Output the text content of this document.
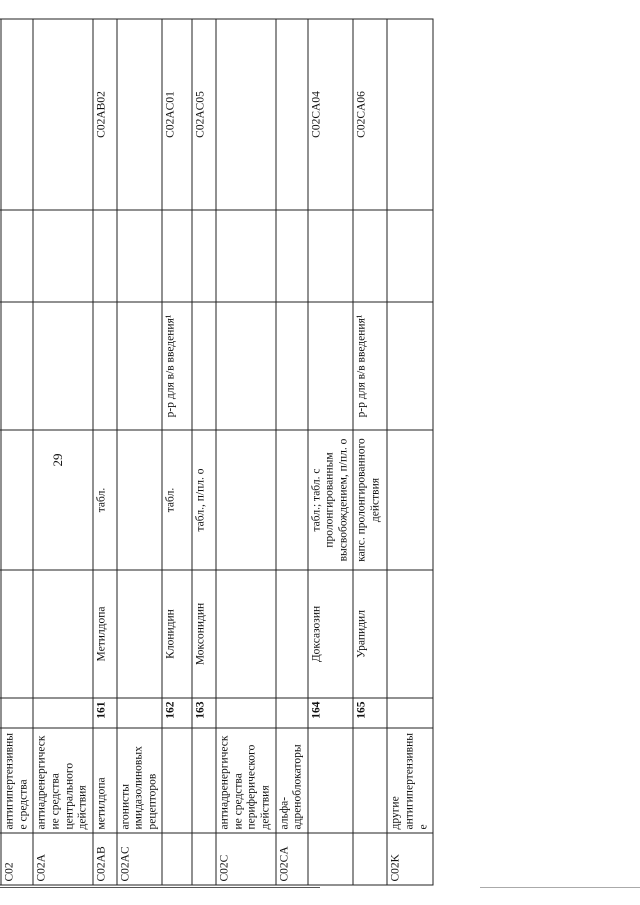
29

C02	антигипертензивные средства						
C02A	антиадренергические средства центрального действия						
C02AB	метилдопа	161	Метилдопа	табл.			C02AB02
C02AC	агонисты имидазолиновых рецепторов						
		162	Клонидин	табл.	р-р для в/в введения¹		C02AC01
		163	Моксонидин	табл., п/пл. о			C02AC05
C02C	антиадренергические средства периферического действия						
C02CA	альфа-адреноблокаторы						
		164	Доксазозин	табл.; табл. с пролонгированным высвобождением, п/пл. о			C02CA04
		165	Урапидил	капс. пролонгированного действия	р-р для в/в введения¹		C02CA06
C02K	другие антигипертензивные						
